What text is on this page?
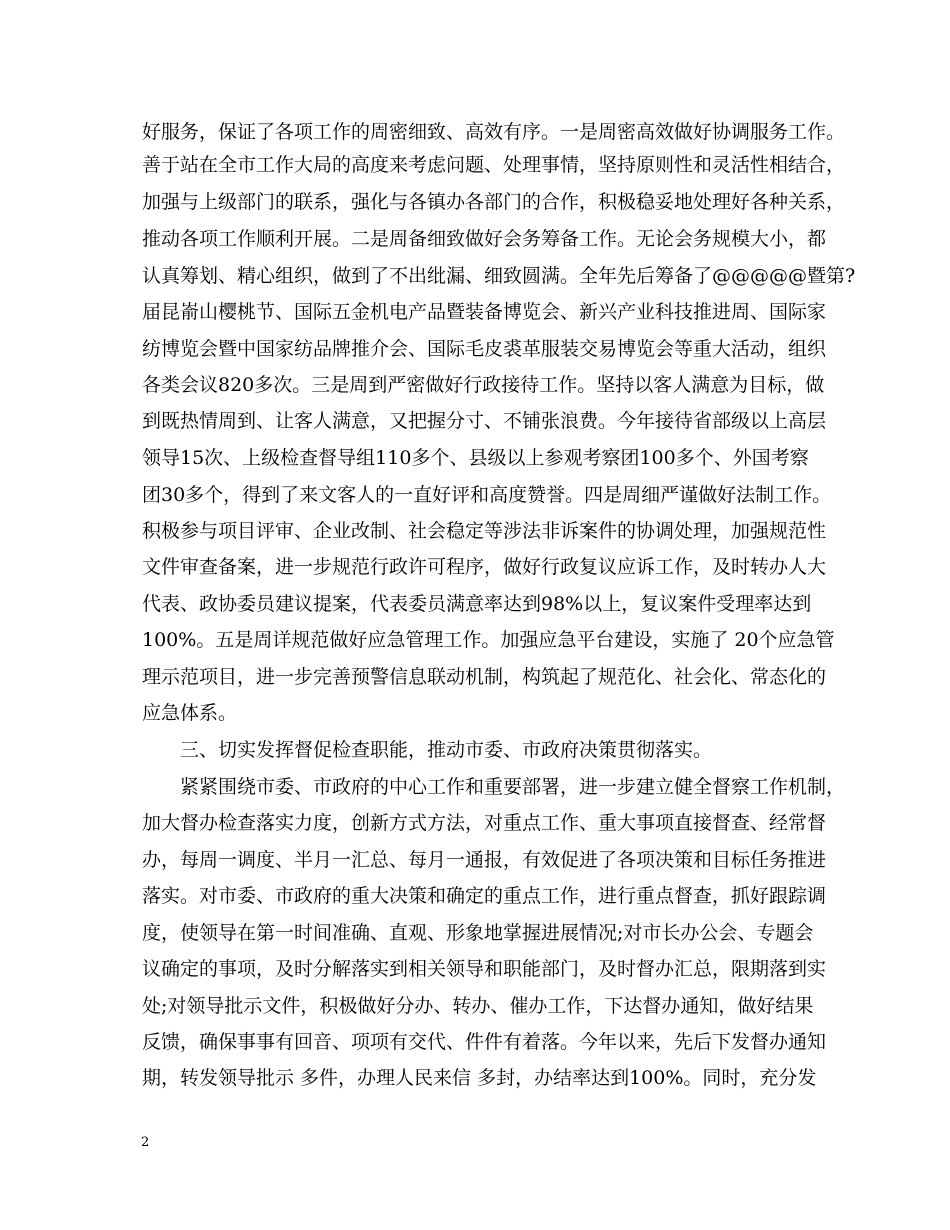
好服务，保证了各项工作的周密细致、高效有序。一是周密高效做好协调服务工作。
善于站在全市工作大局的高度来考虑问题、处理事情，坚持原则性和灵活性相结合，
加强与上级部门的联系，强化与各镇办各部门的合作，积极稳妥地处理好各种关系，
推动各项工作顺利开展。二是周备细致做好会务筹备工作。无论会务规模大小，都
认真筹划、精心组织，做到了不出纰漏、细致圆满。全年先后筹备了@@@@@暨第?
届昆嵛山樱桃节、国际五金机电产品暨装备博览会、新兴产业科技推进周、国际家
纺博览会暨中国家纺品牌推介会、国际毛皮裘革服装交易博览会等重大活动，组织
各类会议820多次。三是周到严密做好行政接待工作。坚持以客人满意为目标，做
到既热情周到、让客人满意，又把握分寸、不铺张浪费。今年接待省部级以上高层
领导15次、上级检查督导组110多个、县级以上参观考察团100多个、外国考察
团30多个，得到了来文客人的一直好评和高度赞誉。四是周细严谨做好法制工作。
积极参与项目评审、企业改制、社会稳定等涉法非诉案件的协调处理，加强规范性
文件审查备案，进一步规范行政许可程序，做好行政复议应诉工作，及时转办人大
代表、政协委员建议提案，代表委员满意率达到98%以上，复议案件受理率达到
100%。五是周详规范做好应急管理工作。加强应急平台建设，实施了 20个应急管
理示范项目，进一步完善预警信息联动机制，构筑起了规范化、社会化、常态化的
应急体系。
三、切实发挥督促检查职能，推动市委、市政府决策贯彻落实。
紧紧围绕市委、市政府的中心工作和重要部署，进一步建立健全督察工作机制，
加大督办检查落实力度，创新方式方法，对重点工作、重大事项直接督查、经常督
办，每周一调度、半月一汇总、每月一通报，有效促进了各项决策和目标任务推进
落实。对市委、市政府的重大决策和确定的重点工作，进行重点督查，抓好跟踪调
度，使领导在第一时间准确、直观、形象地掌握进展情况;对市长办公会、专题会
议确定的事项，及时分解落实到相关领导和职能部门，及时督办汇总，限期落到实
处;对领导批示文件，积极做好分办、转办、催办工作，下达督办通知，做好结果
反馈，确保事事有回音、项项有交代、件件有着落。今年以来，先后下发督办通知
期，转发领导批示 多件，办理人民来信 多封，办结率达到100%。同时，充分发
2
